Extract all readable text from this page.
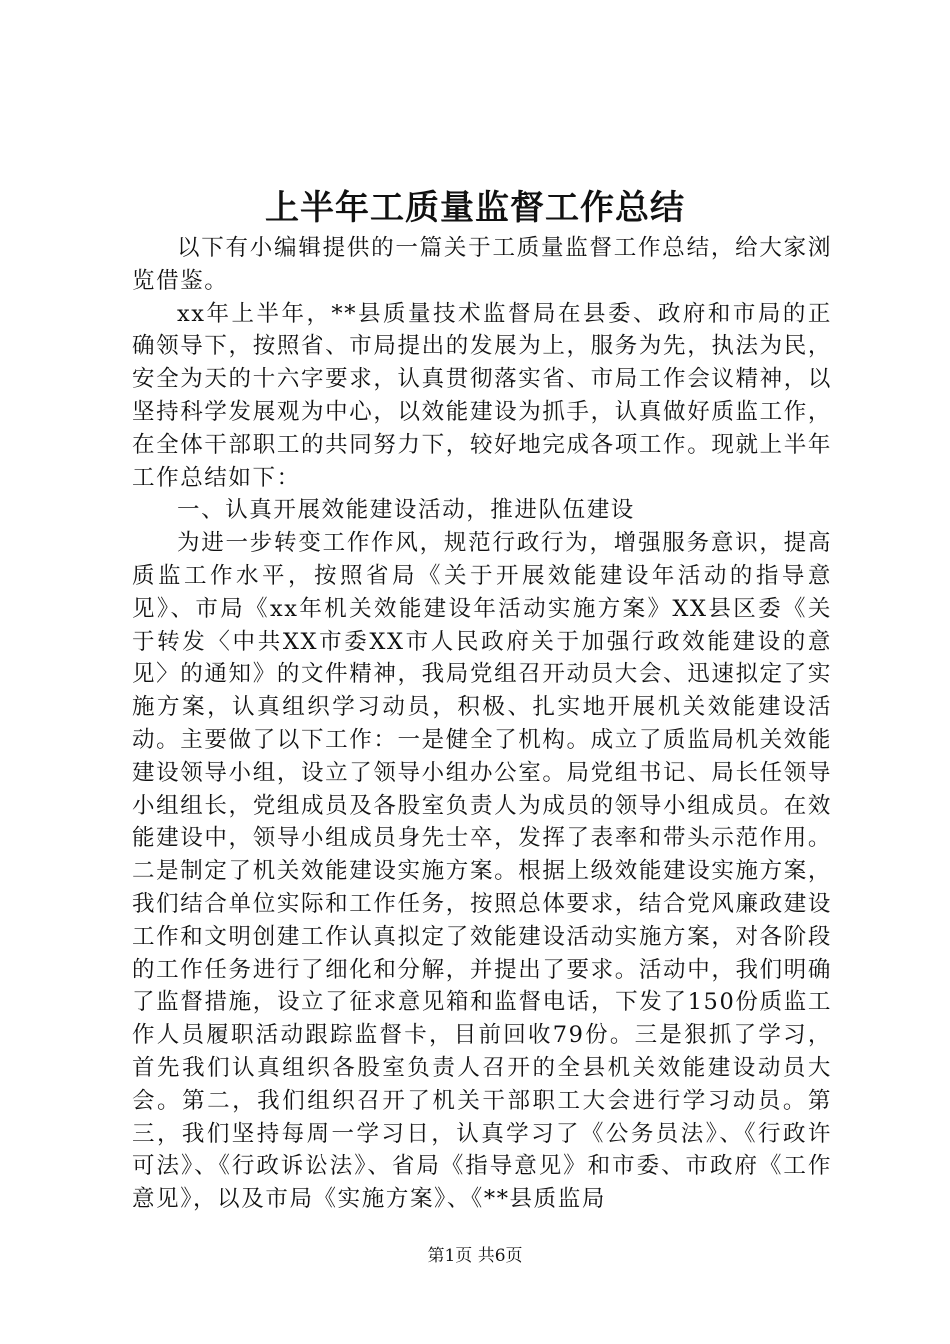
上半年工质量监督工作总结

以下有小编辑提供的一篇关于工质量监督工作总结，给大家浏览借鉴。

xx年上半年，**县质量技术监督局在县委、政府和市局的正确领导下，按照省、市局提出的发展为上，服务为先，执法为民，安全为天的十六字要求，认真贯彻落实省、市局工作会议精神，以坚持科学发展观为中心，以效能建设为抓手，认真做好质监工作，在全体干部职工的共同努力下，较好地完成各项工作。现就上半年工作总结如下：

一、认真开展效能建设活动，推进队伍建设

为进一步转变工作作风，规范行政行为，增强服务意识，提高质监工作水平，按照省局《关于开展效能建设年活动的指导意见》、市局《xx年机关效能建设年活动实施方案》XX县区委《关于转发〈中共XX市委XX市人民政府关于加强行政效能建设的意见〉的通知》的文件精神，我局党组召开动员大会、迅速拟定了实施方案，认真组织学习动员，积极、扎实地开展机关效能建设活动。主要做了以下工作：一是健全了机构。成立了质监局机关效能建设领导小组，设立了领导小组办公室。局党组书记、局长任领导小组组长，党组成员及各股室负责人为成员的领导小组成员。在效能建设中，领导小组成员身先士卒，发挥了表率和带头示范作用。二是制定了机关效能建设实施方案。根据上级效能建设实施方案，我们结合单位实际和工作任务，按照总体要求，结合党风廉政建设工作和文明创建工作认真拟定了效能建设活动实施方案，对各阶段的工作任务进行了细化和分解，并提出了要求。活动中，我们明确了监督措施，设立了征求意见箱和监督电话，下发了150份质监工作人员履职活动跟踪监督卡，目前回收79份。三是狠抓了学习，首先我们认真组织各股室负责人召开的全县机关效能建设动员大会。第二，我们组织召开了机关干部职工大会进行学习动员。第三，我们坚持每周一学习日，认真学习了《公务员法》、《行政许可法》、《行政诉讼法》、省局《指导意见》和市委、市政府《工作意见》，以及市局《实施方案》、《**县质监局

第1页 共6页
